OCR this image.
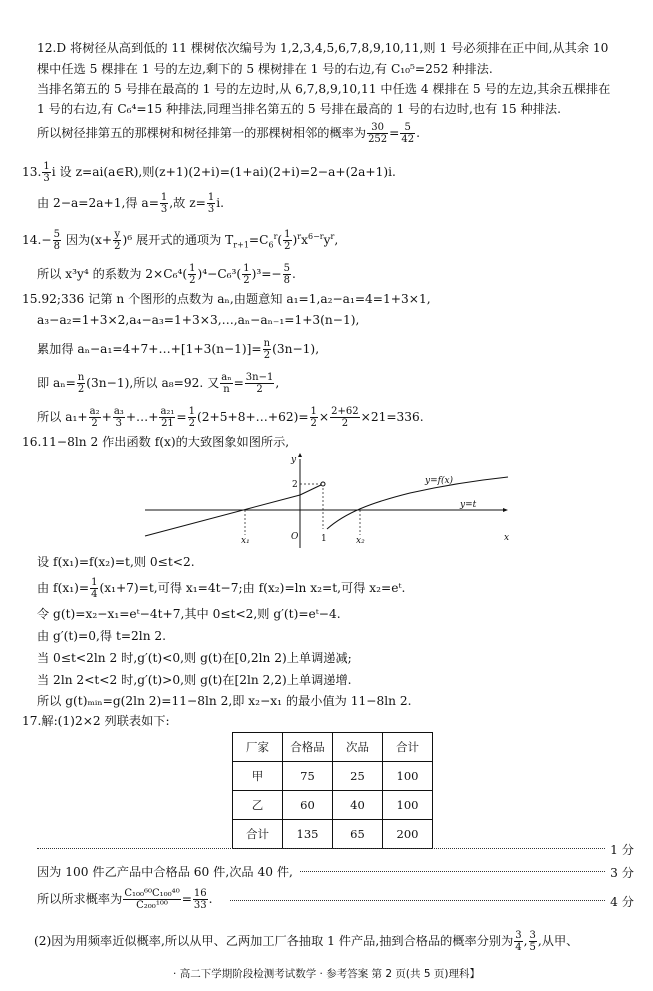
12.D 将树径从高到低的 11 棵树依次编号为 1,2,3,4,5,6,7,8,9,10,11,则 1 号必须排在正中间,从其余 10
棵中任选 5 棵排在 1 号的左边,剩下的 5 棵树排在 1 号的右边,有 C₁₀⁵=252 种排法.
当排名第五的 5 号排在最高的 1 号的左边时,从 6,7,8,9,10,11 中任选 4 棵排在 5 号的左边,其余五棵排在
1 号的右边,有 C₆⁴=15 种排法,同理当排名第五的 5 号排在最高的 1 号的右边时,也有 15 种排法.
所以树径排第五的那棵树和树径排第一的那棵树相邻的概率为 $\frac{30}{252} = \frac{5}{42}$ .
13. $\frac{1}{3}$ i 设 z=ai(a∈R),则(z+1)(2+i)=(1+ai)(2+i)=2−a+(2a+1)i.
由 2−a=2a+1,得 $a= \frac{1}{3}$ ,故 $z= \frac{1}{3} i$.
$14.- \frac{5}{8}$ 因为$(x+ \frac{y}{2} )^6$ 展开式的通项为 $T_{r+1}=C_6^r( \frac{1}{2} )^rx^{6-r}y^r$,
所以 x³y⁴ 的系数为 $2\times C_6^4( \frac{1}{2} )^4-C_6^3( \frac{1}{2} )^3=- \frac{5}{8}$ .
15.92;336 记第 n 个图形的点数为 aₙ,由题意知 a₁=1,a₂−a₁=4=1+3×1,
a₃−a₂=1+3×2,a₄−a₃=1+3×3,…,aₙ−aₙ₋₁=1+3(n−1),
累加得 aₙ−a₁=4+7+…+[1+3(n−1)]= $\frac{n}{2} (3n-1)$,
即 $a_n= \frac{n}{2} (3n-1)$,所以 a₈=92. 又 $\frac{\text{aₙ}}{n} = \frac{3n-1}{2}$ ,
所以 $a_1+ \frac{\text{a₂}}{2} + \frac{\text{a₃}}{3}$ +…+ $\frac{\text{a₂₁}}{21} = \frac{1}{2}$ (2+5+8+…+62)= $\frac{1}{2} \times \frac{2+62}{2} \times 21=336$.
16.11−8ln 2 作出函数 f(x)的大致图象如图所示,
y
x
O
2
1
x₁	x₂
y=f(x)
y=t
设 f(x₁)=f(x₂)=t,则 0≤t<2.
由 $f(x_1)= \frac{1}{4} (x_1+7)=t$,可得 x₁=4t−7;由 f(x₂)=ln x₂=t,可得 x₂=eᵗ.
令 g(t)=x₂−x₁=eᵗ−4t+7,其中 0≤t<2,则 g′(t)=eᵗ−4.
由 g′(t)=0,得 t=2ln 2.
当 0≤t<2ln 2 时,g′(t)<0,则 g(t)在[0,2ln 2)上单调递减;
当 2ln 2<t<2 时,g′(t)>0,则 g(t)在[2ln 2,2)上单调递增.
所以 g(t)ₘᵢₙ=g(2ln 2)=11−8ln 2,即 x₂−x₁ 的最小值为 11−8ln 2.
17.解:(1)2×2 列联表如下:
厂家	合格品	次品	合计
甲	75	25	100
乙	60	40	100
合计	135	65	200
1 分
因为 100 件乙产品中合格品 60 件,次品 40 件,	3 分
所以所求概率为 $\frac{\text{C₁₀₀⁶⁰C₁₀₀⁴⁰}}{\text{C₂₀₀¹⁰⁰}} = \frac{16}{33}$ .	4 分
(2)因为用频率近似概率,所以从甲、乙两加工厂各抽取 1 件产品,抽到合格品的概率分别为 $\frac{3}{4}$ , $\frac{3}{5}$ ,从甲、
· 高二下学期阶段检测考试数学 · 参考答案 第 2 页(共 5 页)理科】
